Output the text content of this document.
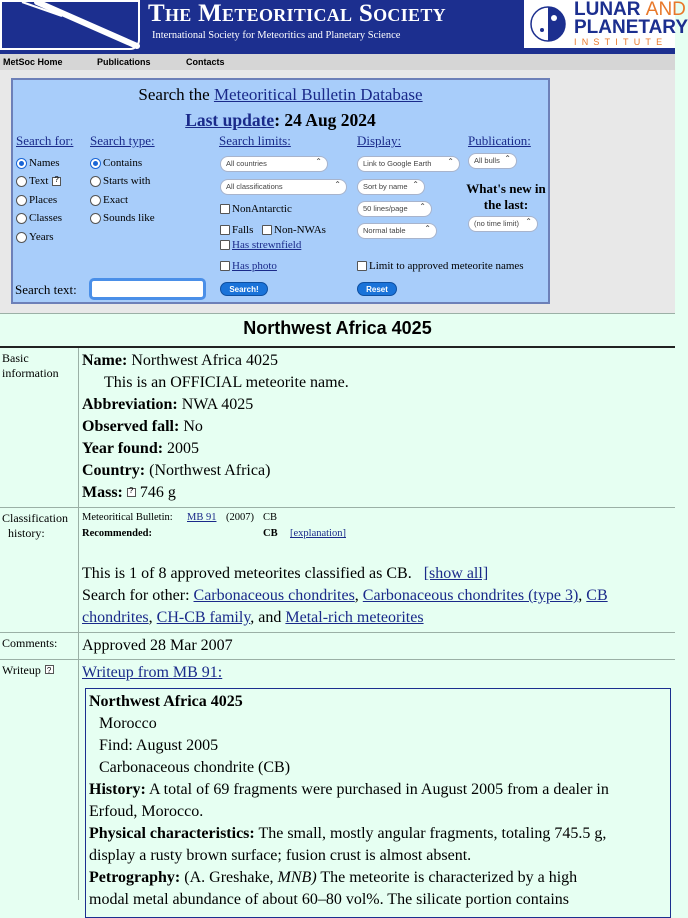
The Meteoritical Society
International Society for Meteoritics and Planetary Science
LUNAR AND
PLANETARY
INSTITUTE
MetSoc Home	Publications	Contacts
Search the Meteoritical Bulletin Database
Last update: 24 Aug 2024
Search for: Search type:	Search limits:	Display:	Publication:
Names
Text
?
Places
Classes
Years
Contains
Starts with
Exact
Sounds like
All countries ⌃
All classifications ⌃
NonAntarctic
Falls Non-NWAs
Has strewnfield
Has photo
Link to Google Earth ⌃
Sort by name ⌃
50 lines/page ⌃
Normal table ⌃
Limit to approved meteorite names
All bulls ⌃
What's new in the last:
(no time limit) ⌃
Search text:	Search!	Reset
Northwest Africa 4025
Basic
information
Name: Northwest Africa 4025
This is an OFFICIAL meteorite name.
Abbreviation: NWA 4025
Observed fall: No
Year found: 2005
Country: (Northwest Africa)
Mass:? 746 g
Classification
history:
Meteoritical Bulletin: MB 91 (2007) CB
Recommended:	CB [explanation]
This is 1 of 8 approved meteorites classified as CB. [show all]
Search for other: Carbonaceous chondrites, Carbonaceous chondrites (type 3), CB
chondrites, CH-CB family, and Metal-rich meteorites
Comments: Approved 28 Mar 2007
Writeup?	Writeup from MB 91:
Northwest Africa 4025
Morocco
Find: August 2005
Carbonaceous chondrite (CB)
History: A total of 69 fragments were purchased in August 2005 from a dealer in
Erfoud, Morocco.
Physical characteristics: The small, mostly angular fragments, totaling 745.5 g,
display a rusty brown surface; fusion crust is almost absent.
Petrography: (A. Greshake, MNB) The meteorite is characterized by a high
modal metal abundance of about 60–80 vol%. The silicate portion contains
